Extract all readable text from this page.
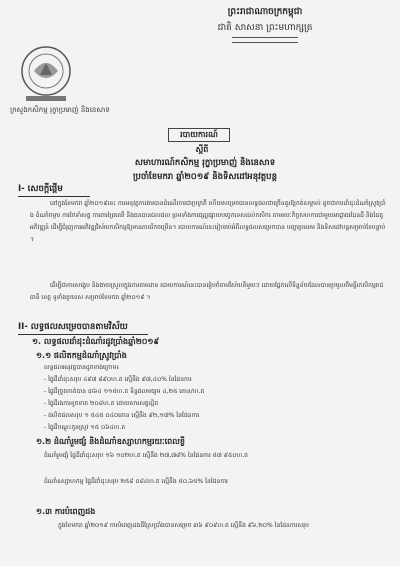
ព្រះរាជាណាចក្រកម្ពុជា
ជាតិ សាសនា ព្រះមហាក្សត្រ
ក្រសួងកសិកម្ម រុក្ខាប្រមាញ់ និងនេសាទ
របាយការណ៍
ស្តីពី
សមាហារណ៍កសិកម្ម រុក្ខាប្រមាញ់ និងនេសាទ
ប្រចាំខែមករា ឆ្នាំ២០១៩ និងទិសដៅអនុវត្តបន្ត
I- សេចក្តីផ្តើម
នៅក្នុងខែមករា ឆ្នាំ២០១៩នេះ ការអនុវត្តការងារបានដំណើរការជាប្រក្រតី ហើយសម្រេចបានលទ្ធផលជាច្រើនគួរឱ្យកត់សម្គាល់ ដូចជាការដាំដុះដំណាំស្រូវប្រាំង ដំណាំចម្ការ ការថែទាំសត្វ ការពារព្រៃឈើ និងធនធានជលផល ព្រមទាំងការផ្សព្វផ្សាយបច្ចេកទេសដល់កសិករ តាមរយៈកិច្ចសហការជាមួយអាជ្ញាធរដែនដី និងដៃគូអភិវឌ្ឍន៍ ដើម្បីជំរុញការអភិវឌ្ឍវិស័យកសិកម្មឱ្យមានភាពរីកចម្រើន។ របាយការណ៍នេះរៀបរាប់អំពីលទ្ធផលសម្រេចបាន បញ្ហាប្រឈម និងទិសដៅបន្តសម្រាប់ខែបន្ទាប់។
ដើម្បីជាការសង្ខេប និងងាយស្រួលក្នុងការតាមដាន របាយការណ៍នេះបានរៀបចំតាមវិស័យនីមួយៗ ដោយផ្អែកលើទិន្នន័យដែលបានប្រមូលពីមន្ទីរកសិកម្មរាជធានី ខេត្ត ទូទាំងប្រទេស សម្រាប់ខែមករា ឆ្នាំ២០១៩ ។
II- លទ្ធផលសម្រេចបានតាមវិស័យ
១. លទ្ធផលដាំដុះដំណាំរដូវប្រាំងឆ្នាំ២០១៩
១.១ ផលិតកម្មដំណាំស្រូវប្រាំង
លទ្ធផលអនុវត្តបានដូចខាងក្រោម៖
- ផ្ទៃដីដាំដុះសរុប ៤៩៧ ៨៩០ហ.ត ស្មើនឹង ៩៧,៤០% នៃផែនការ
- ផ្ទៃដីច្រូតកាត់បាន ៣៦៤ ១១៥ហ.ត ទិន្នផលមធ្យម ៤,២៥ តោន/ហ.ត
- ផ្ទៃដីរងការខូចខាត ២០៨ហ.ត ដោយសារសត្វល្អិត
- ផលិតផលសរុប ១ ៥៤៥ ០៤០តោន ស្មើនឹង ៩២,១៧% នៃផែនការ
- ផ្ទៃដីបណ្តុះកូនស្រូវ ១៥ ០៦៤ហ.ត
១.២ ដំណាំរួមផ្សំ និងដំណាំឧស្សាហកម្មរយៈពេលខ្លី
ដំណាំរួមផ្សំ ផ្ទៃដីដាំដុះសរុប ១៦ ១០២ហ.ត ស្មើនឹង ២៧,៧៨% នៃផែនការ ៥៧ ៩៥០ហ.ត
ដំណាំឧស្សាហកម្ម ផ្ទៃដីដាំដុះសរុប ២៥៨ ០៨៤ហ.ត ស្មើនឹង ៥០,៦៥% នៃផែនការ
១.៣ ការបំពេញដង
ក្នុងខែមករា ឆ្នាំ២០១៩ ការបំពេញដងដីស្រែប្រាំងបានសម្រេច ៣៦ ៩០៩ហ.ត ស្មើនឹង ៩៦,២០% នៃផែនការសរុប
